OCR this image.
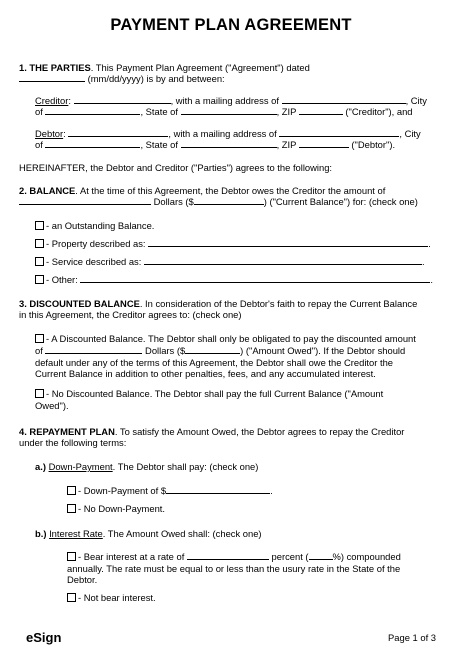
PAYMENT PLAN AGREEMENT
1. THE PARTIES. This Payment Plan Agreement ("Agreement") dated
(mm/dd/yyyy) is by and between:
Creditor:	, with a mailing address of	, City
of	, State of	, ZIP	("Creditor"), and
Debtor:	, with a mailing address of	, City
of	, State of	, ZIP	("Debtor").
HEREINAFTER, the Debtor and Creditor ("Parties") agrees to the following:
2. BALANCE. At the time of this Agreement, the Debtor owes the Creditor the amount of
Dollars ($	) ("Current Balance") for: (check one)
- an Outstanding Balance.
- Property described as:	.
- Service described as:	.
- Other:	.
3. DISCOUNTED BALANCE. In consideration of the Debtor's faith to repay the Current Balance
in this Agreement, the Creditor agrees to: (check one)
- A Discounted Balance. The Debtor shall only be obligated to pay the discounted amount
of	Dollars ($	) ("Amount Owed"). If the Debtor should
default under any of the terms of this Agreement, the Debtor shall owe the Creditor the
Current Balance in addition to other penalties, fees, and any accumulated interest.
- No Discounted Balance. The Debtor shall pay the full Current Balance ("Amount
Owed").
4. REPAYMENT PLAN. To satisfy the Amount Owed, the Debtor agrees to repay the Creditor
under the following terms:
a.) Down-Payment. The Debtor shall pay: (check one)
- Down-Payment of $	.
- No Down-Payment.
b.) Interest Rate. The Amount Owed shall: (check one)
- Bear interest at a rate of	percent (	%) compounded
annually. The rate must be equal to or less than the usury rate in the State of the
Debtor.
- Not bear interest.
eSign	Page 1 of 3
